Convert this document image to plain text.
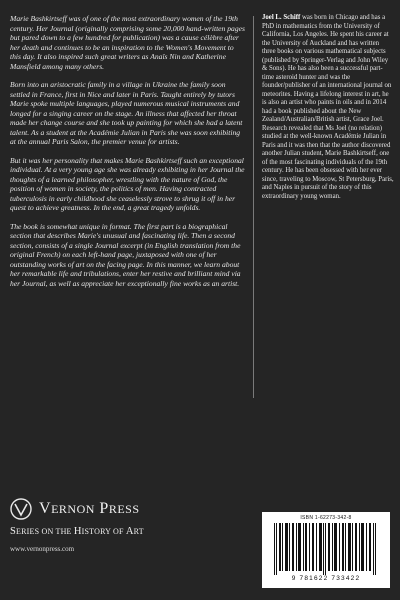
Marie Bashkirtseff was of one of the most extraordinary women of the 19th century. Her Journal (originally comprising some 20,000 hand-written pages but pared down to a few hundred for publication) was a cause célèbre after her death and continues to be an inspiration to the Women's Movement to this day. It also inspired such great writers as Anaïs Nin and Katherine Mansfield among many others.

Born into an aristocratic family in a village in Ukraine the family soon settled in France, first in Nice and later in Paris. Taught entirely by tutors Marie spoke multiple languages, played numerous musical instruments and longed for a singing career on the stage. An illness that affected her throat made her change course and she took up painting for which she had a latent talent. As a student at the Académie Julian in Paris she was soon exhibiting at the annual Paris Salon, the premier venue for artists.

But it was her personality that makes Marie Bashkirtseff such an exceptional individual. At a very young age she was already exhibiting in her Journal the thoughts of a learned philosopher, wrestling with the nature of God, the position of women in society, the politics of men. Having contracted tuberculosis in early childhood she ceaselessly strove to shrug it off in her quest to achieve greatness. In the end, a great tragedy unfolds.

The book is somewhat unique in format. The first part is a biographical section that describes Marie's unusual and fascinating life. Then a second section, consists of a single Journal excerpt (in English translation from the original French) on each left-hand page, juxtaposed with one of her outstanding works of art on the facing page. In this manner, we learn about her remarkable life and tribulations, enter her restive and brilliant mind via her Journal, as well as appreciate her exceptionally fine works as an artist.

Joel L. Schiff was born in Chicago and has a PhD in mathematics from the University of California, Los Angeles. He spent his career at the University of Auckland and has written three books on various mathematical subjects (published by Springer-Verlag and John Wiley & Sons). He has also been a successful part-time asteroid hunter and was the founder/publisher of an international journal on meteorites. Having a lifelong interest in art, he is also an artist who paints in oils and in 2014 had a book published about the New Zealand/Australian/British artist, Grace Joel. Research revealed that Ms Joel (no relation) studied at the well-known Académie Julian in Paris and it was then that the author discovered another Julian student, Marie Bashkirtseff, one of the most fascinating individuals of the 19th century. He has been obsessed with her ever since, traveling to Moscow, St Petersburg, Paris, and Naples in pursuit of the story of this extraordinary young woman.
VERNON PRESS
SERIES ON THE HISTORY OF ART
www.vernonpress.com
ISBN 1-62273-342-8
9 781622 733422
